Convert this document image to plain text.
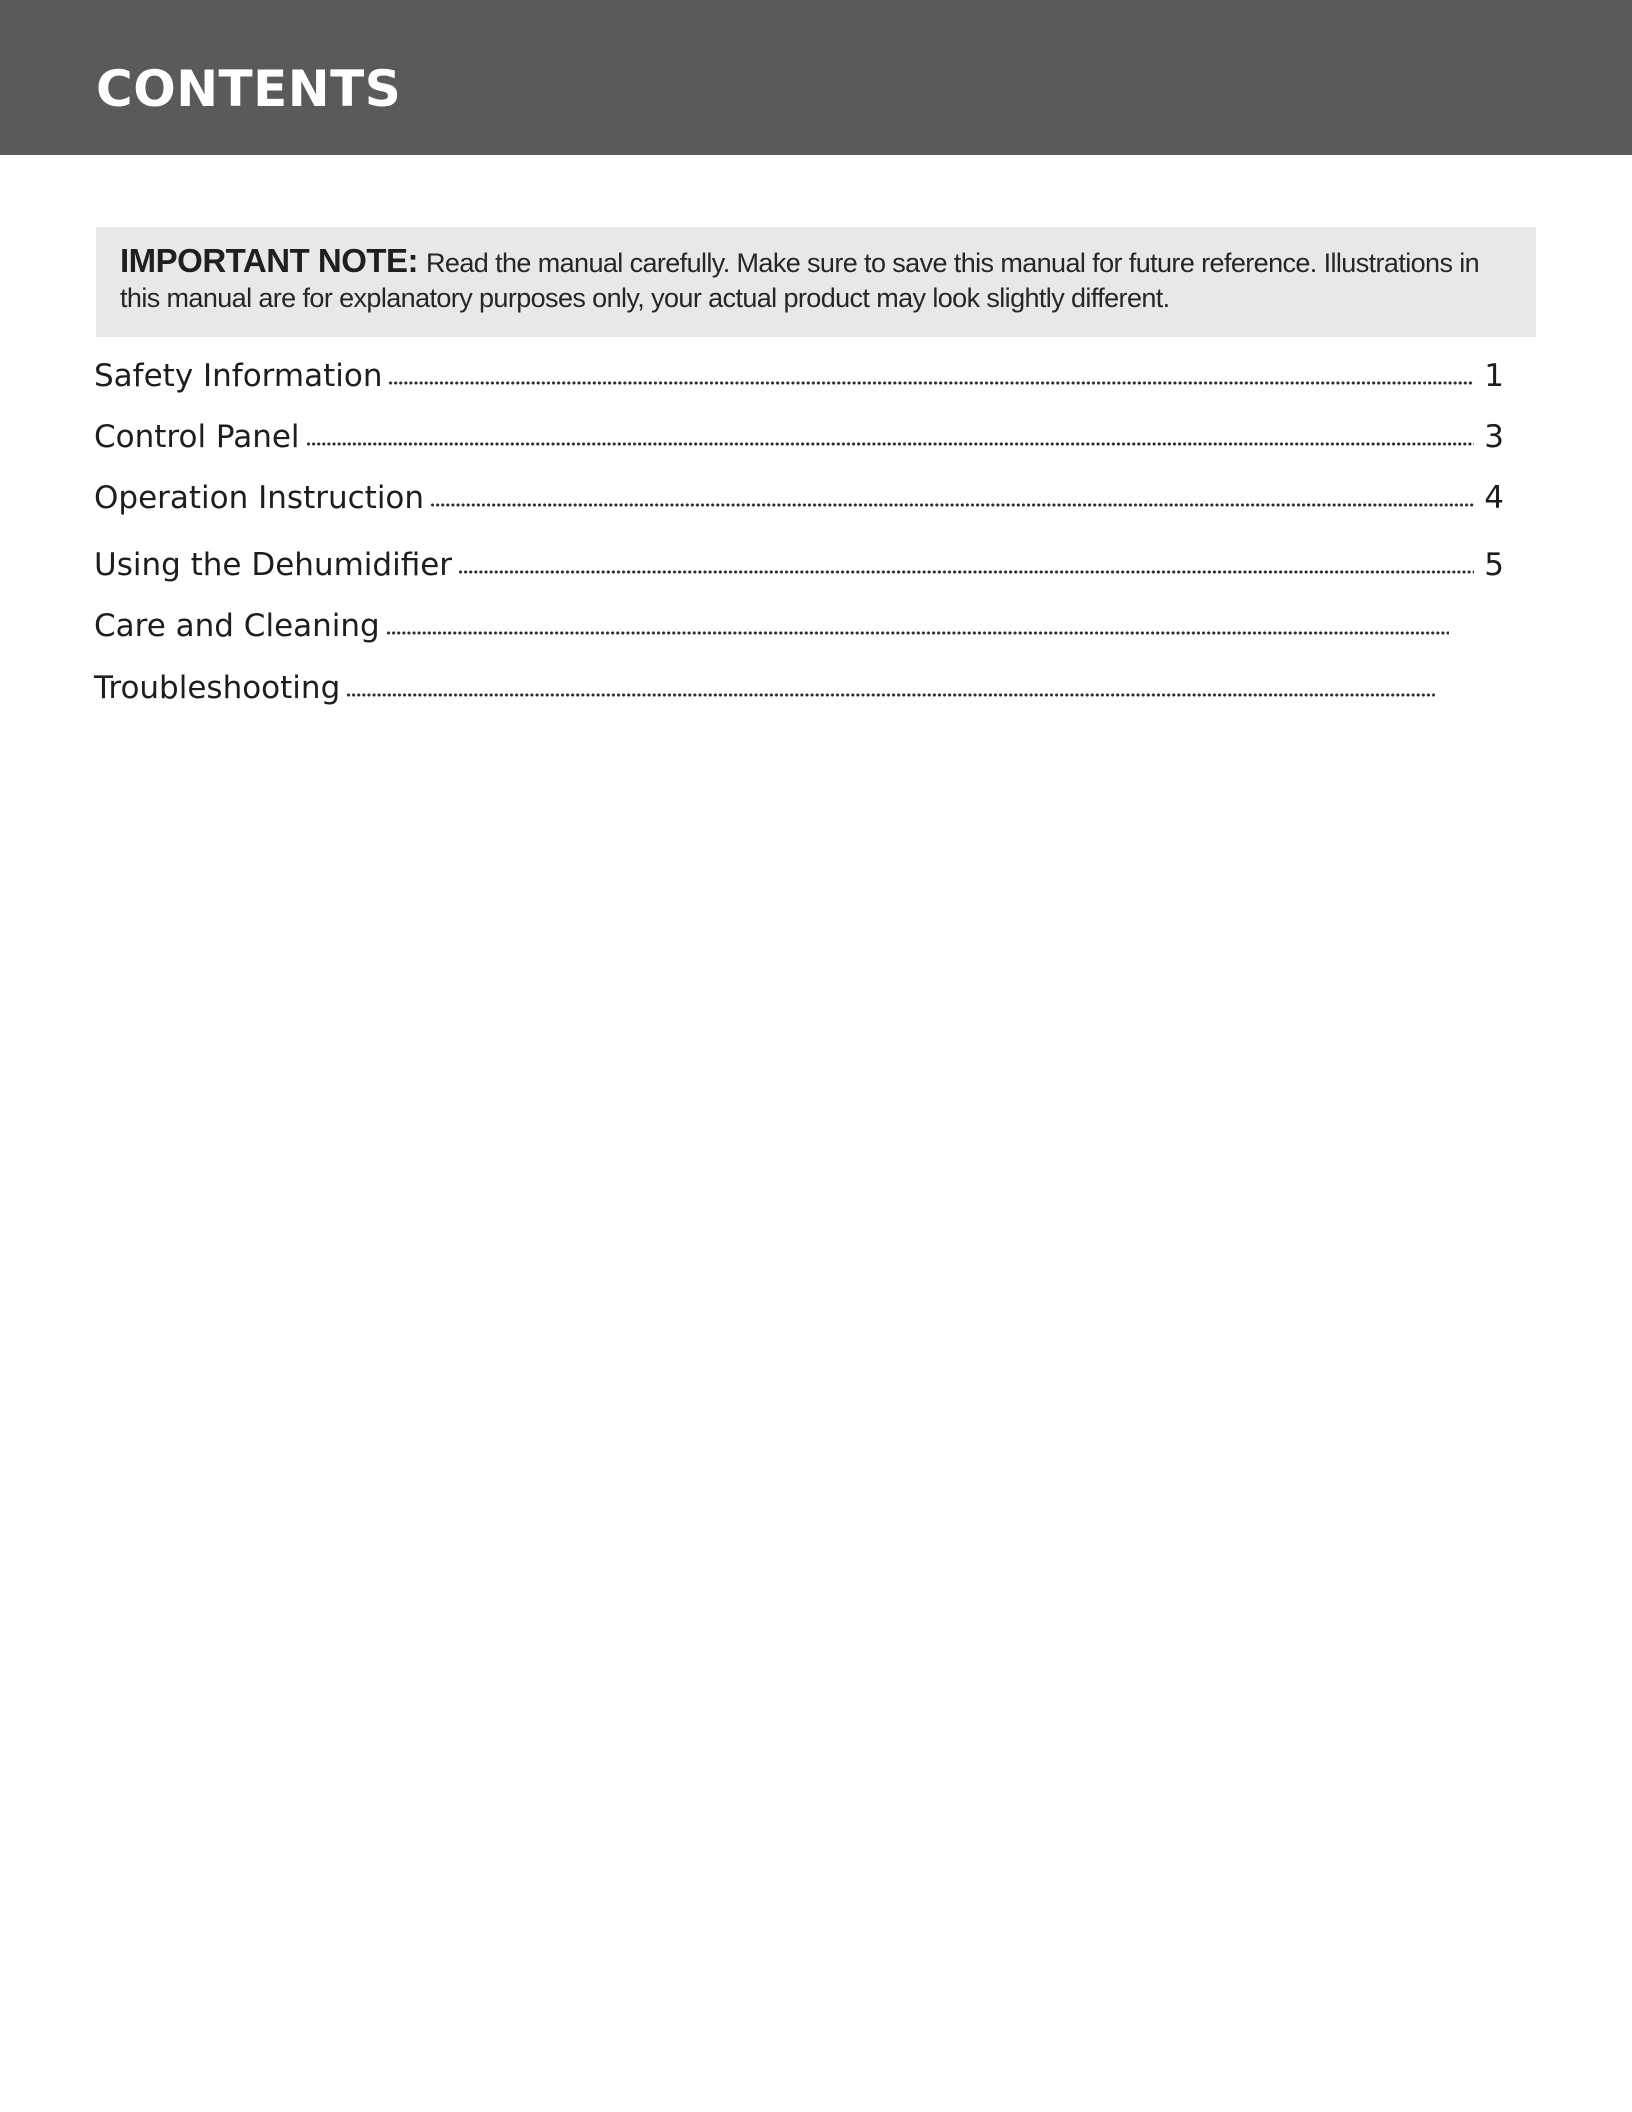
CONTENTS
IMPORTANT NOTE: Read the manual carefully. Make sure to save this manual for future reference. Illustrations in this manual are for explanatory purposes only, your actual product may look slightly different.
Safety Information	1
Control Panel	3
Operation Instruction	4
Using the Dehumidifier	5
Care and Cleaning
Troubleshooting
